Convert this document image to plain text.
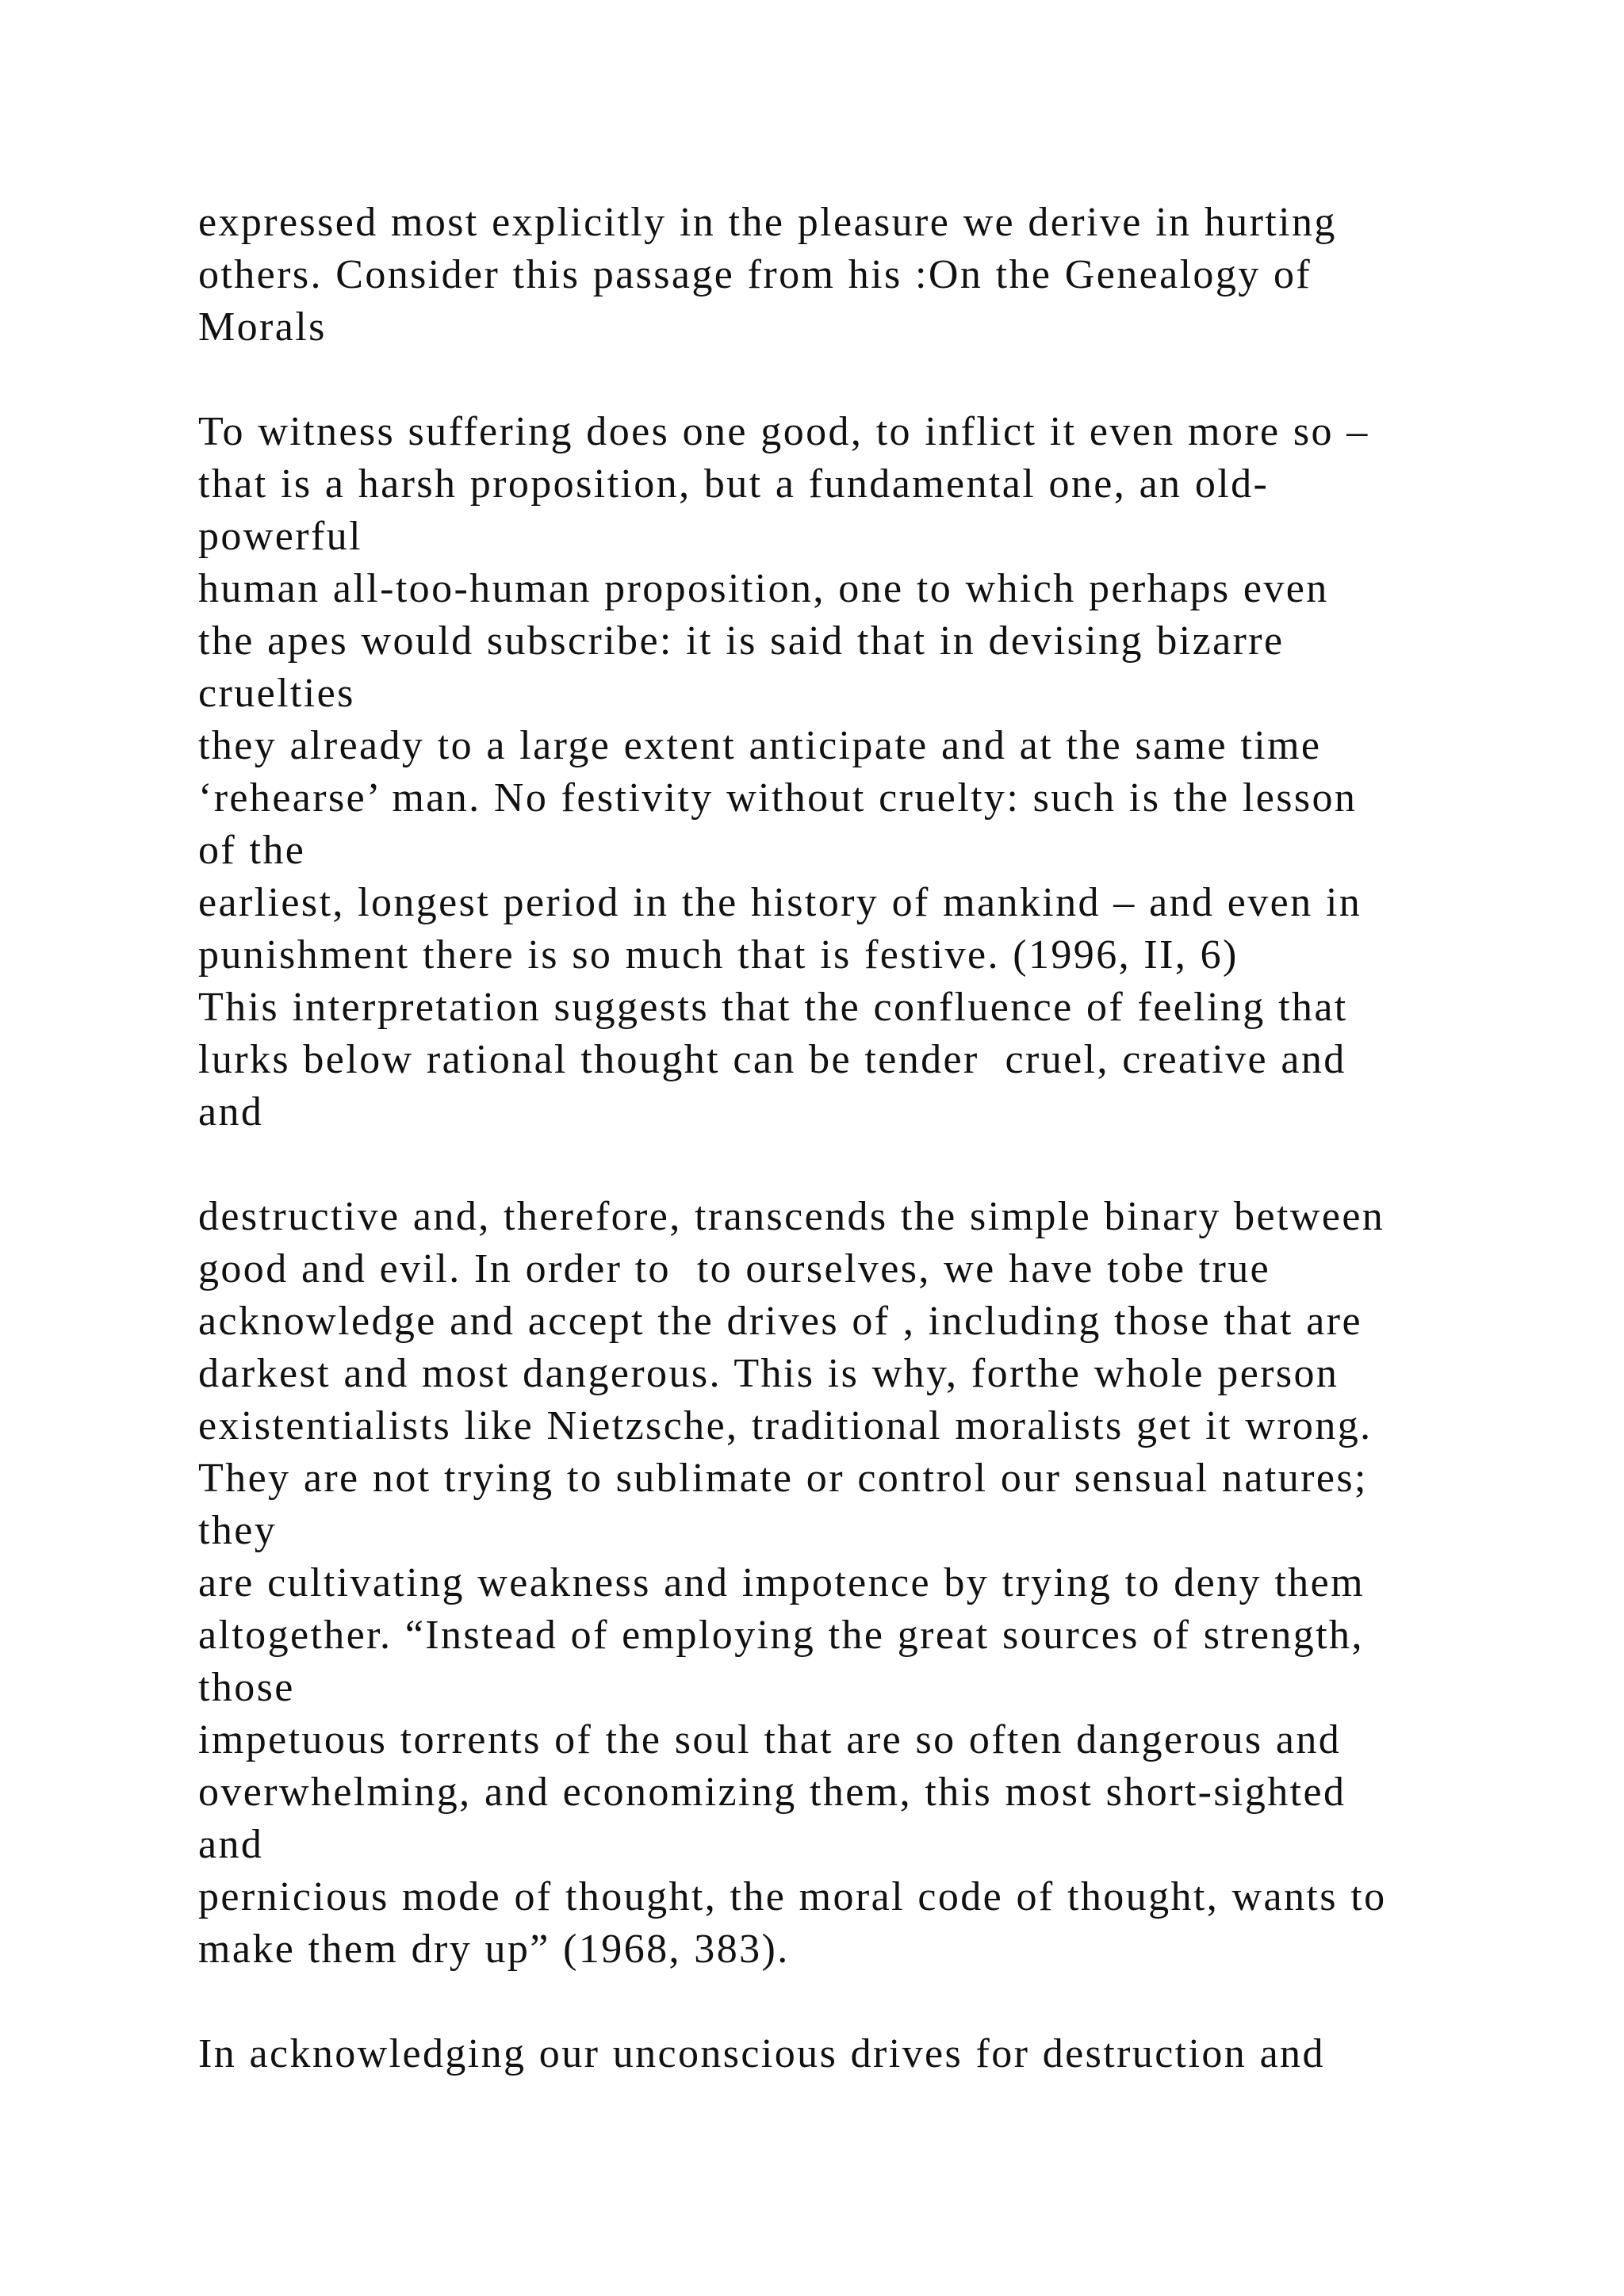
expressed most explicitly in the pleasure we derive in hurting
others. Consider this passage from his :On the Genealogy of
Morals
To witness suffering does one good, to inflict it even more so –
that is a harsh proposition, but a fundamental one, an old-
powerful
human all-too-human proposition, one to which perhaps even
the apes would subscribe: it is said that in devising bizarre
cruelties
they already to a large extent anticipate and at the same time
‘rehearse’ man. No festivity without cruelty: such is the lesson
of the
earliest, longest period in the history of mankind – and even in
punishment there is so much that is festive. (1996, II, 6)
This interpretation suggests that the confluence of feeling that
lurks below rational thought can be tender  cruel, creative and
and
destructive and, therefore, transcends the simple binary between
good and evil. In order to  to ourselves, we have tobe true
acknowledge and accept the drives of , including those that are
darkest and most dangerous. This is why, forthe whole person
existentialists like Nietzsche, traditional moralists get it wrong.
They are not trying to sublimate or control our sensual natures;
they
are cultivating weakness and impotence by trying to deny them
altogether. “Instead of employing the great sources of strength,
those
impetuous torrents of the soul that are so often dangerous and
overwhelming, and economizing them, this most short-sighted
and
pernicious mode of thought, the moral code of thought, wants to
make them dry up” (1968, 383).
In acknowledging our unconscious drives for destruction and
